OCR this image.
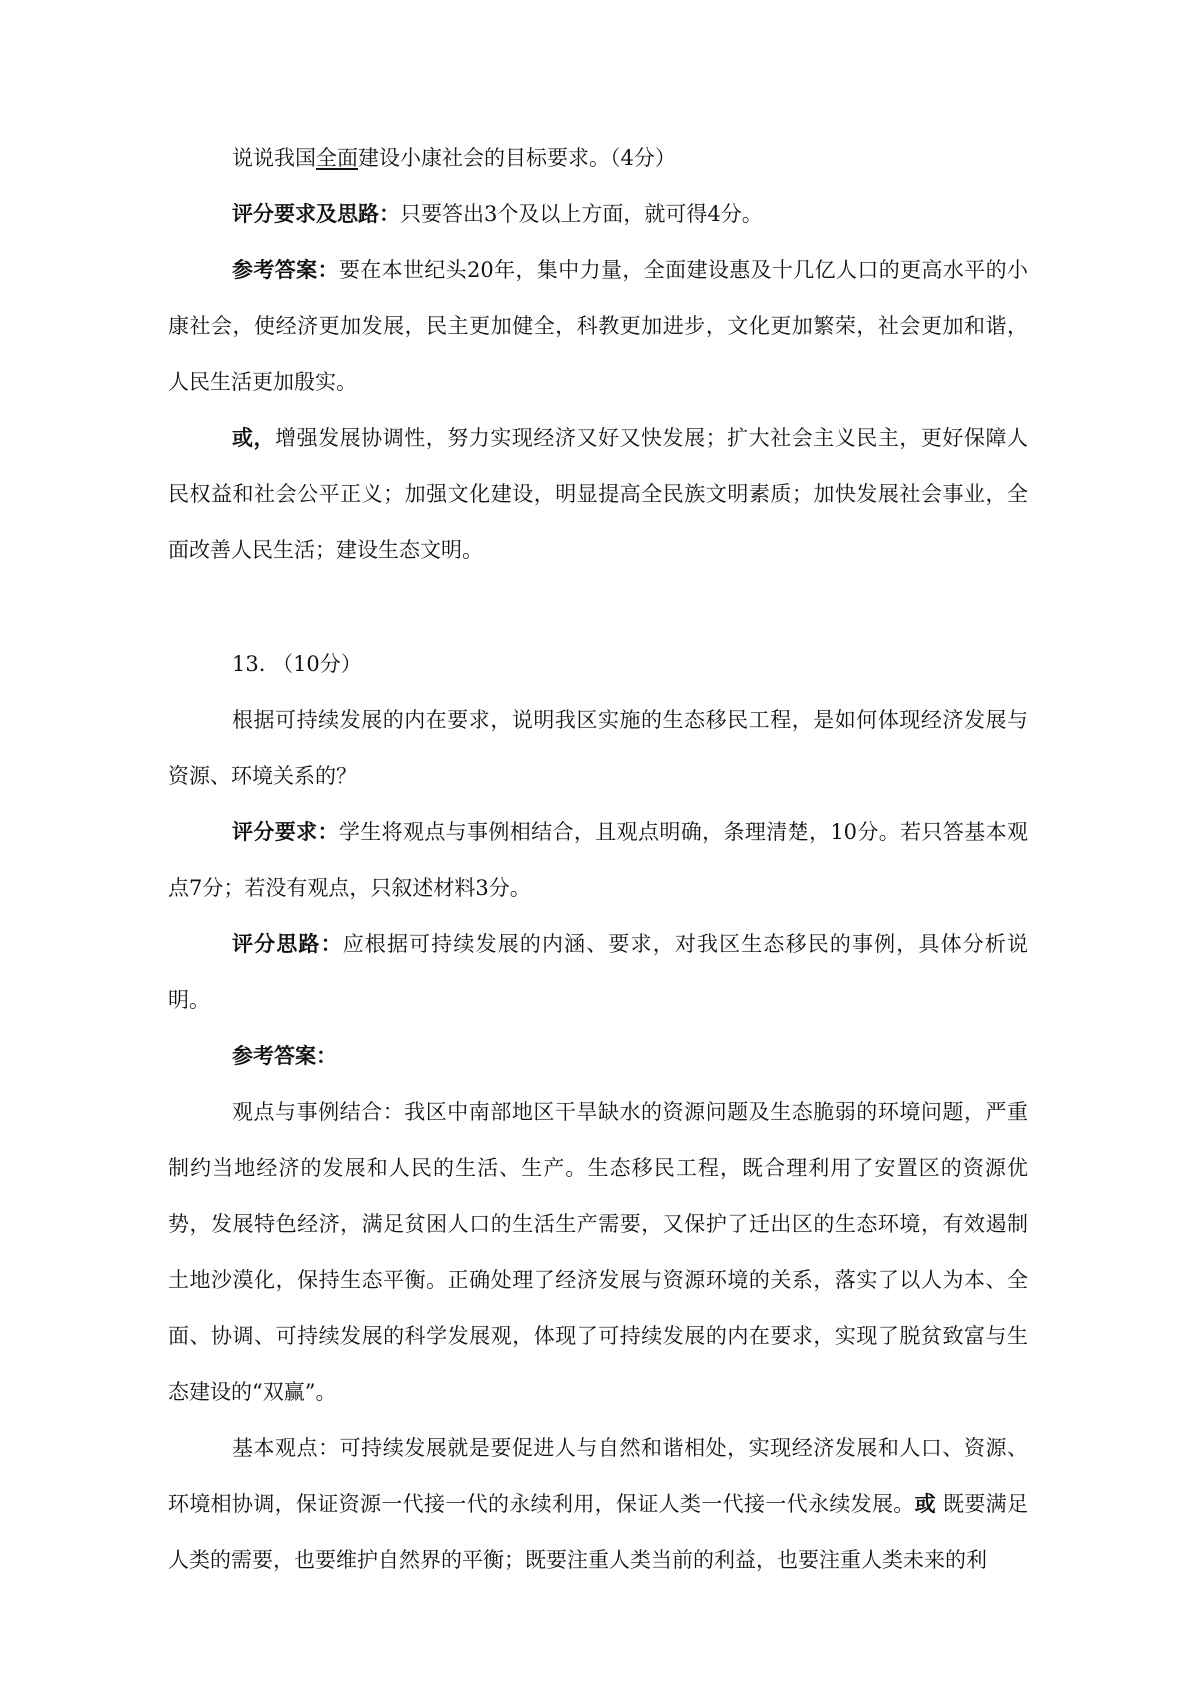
说说我国全面建设小康社会的目标要求。（4分）

评分要求及思路：只要答出3个及以上方面，就可得4分。

参考答案：要在本世纪头20年，集中力量，全面建设惠及十几亿人口的更高水平的小康社会，使经济更加发展，民主更加健全，科教更加进步，文化更加繁荣，社会更加和谐，人民生活更加殷实。

或，增强发展协调性，努力实现经济又好又快发展；扩大社会主义民主，更好保障人民权益和社会公平正义；加强文化建设，明显提高全民族文明素质；加快发展社会事业，全面改善人民生活；建设生态文明。

13. （10分）

根据可持续发展的内在要求，说明我区实施的生态移民工程，是如何体现经济发展与资源、环境关系的？

评分要求：学生将观点与事例相结合，且观点明确，条理清楚，10分。若只答基本观点7分；若没有观点，只叙述材料3分。

评分思路：应根据可持续发展的内涵、要求，对我区生态移民的事例，具体分析说明。

参考答案：

观点与事例结合：我区中南部地区干旱缺水的资源问题及生态脆弱的环境问题，严重制约当地经济的发展和人民的生活、生产。生态移民工程，既合理利用了安置区的资源优势，发展特色经济，满足贫困人口的生活生产需要，又保护了迁出区的生态环境，有效遏制土地沙漠化，保持生态平衡。正确处理了经济发展与资源环境的关系，落实了以人为本、全面、协调、可持续发展的科学发展观，体现了可持续发展的内在要求，实现了脱贫致富与生态建设的“双赢”。

基本观点：可持续发展就是要促进人与自然和谐相处，实现经济发展和人口、资源、环境相协调，保证资源一代接一代的永续利用，保证人类一代接一代永续发展。或 既要满足人类的需要，也要维护自然界的平衡；既要注重人类当前的利益，也要注重人类未来的利
